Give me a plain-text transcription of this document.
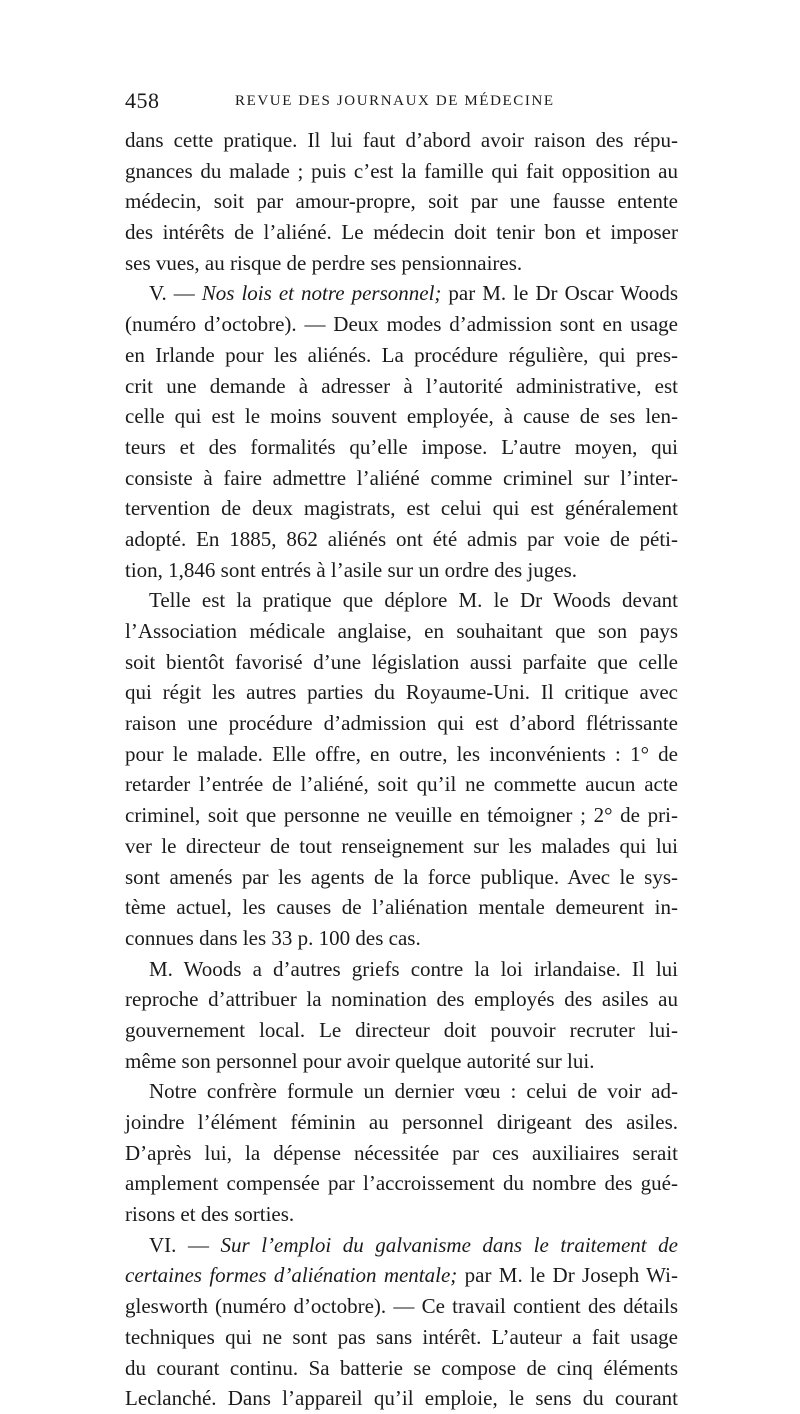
458	REVUE DES JOURNAUX DE MÉDECINE
dans cette pratique. Il lui faut d’abord avoir raison des répu-
gnances du malade ; puis c’est la famille qui fait opposition au
médecin, soit par amour-propre, soit par une fausse entente
des intérêts de l’aliéné. Le médecin doit tenir bon et imposer
ses vues, au risque de perdre ses pensionnaires.
V. — Nos lois et notre personnel; par M. le Dr Oscar Woods
(numéro d’octobre). — Deux modes d’admission sont en usage
en Irlande pour les aliénés. La procédure régulière, qui pres-
crit une demande à adresser à l’autorité administrative, est
celle qui est le moins souvent employée, à cause de ses len-
teurs et des formalités qu’elle impose. L’autre moyen, qui
consiste à faire admettre l’aliéné comme criminel sur l’inter-
tervention de deux magistrats, est celui qui est généralement
adopté. En 1885, 862 aliénés ont été admis par voie de péti-
tion, 1,846 sont entrés à l’asile sur un ordre des juges.
Telle est la pratique que déplore M. le Dr Woods devant
l’Association médicale anglaise, en souhaitant que son pays
soit bientôt favorisé d’une législation aussi parfaite que celle
qui régit les autres parties du Royaume-Uni. Il critique avec
raison une procédure d’admission qui est d’abord flétrissante
pour le malade. Elle offre, en outre, les inconvénients : 1° de
retarder l’entrée de l’aliéné, soit qu’il ne commette aucun acte
criminel, soit que personne ne veuille en témoigner ; 2° de pri-
ver le directeur de tout renseignement sur les malades qui lui
sont amenés par les agents de la force publique. Avec le sys-
tème actuel, les causes de l’aliénation mentale demeurent in-
connues dans les 33 p. 100 des cas.
M. Woods a d’autres griefs contre la loi irlandaise. Il lui
reproche d’attribuer la nomination des employés des asiles au
gouvernement local. Le directeur doit pouvoir recruter lui-
même son personnel pour avoir quelque autorité sur lui.
Notre confrère formule un dernier vœu : celui de voir ad-
joindre l’élément féminin au personnel dirigeant des asiles.
D’après lui, la dépense nécessitée par ces auxiliaires serait
amplement compensée par l’accroissement du nombre des gué-
risons et des sorties.
VI. — Sur l’emploi du galvanisme dans le traitement de
certaines formes d’aliénation mentale; par M. le Dr Joseph Wi-
glesworth (numéro d’octobre). — Ce travail contient des détails
techniques qui ne sont pas sans intérêt. L’auteur a fait usage
du courant continu. Sa batterie se compose de cinq éléments
Leclanché. Dans l’appareil qu’il emploie, le sens du courant
